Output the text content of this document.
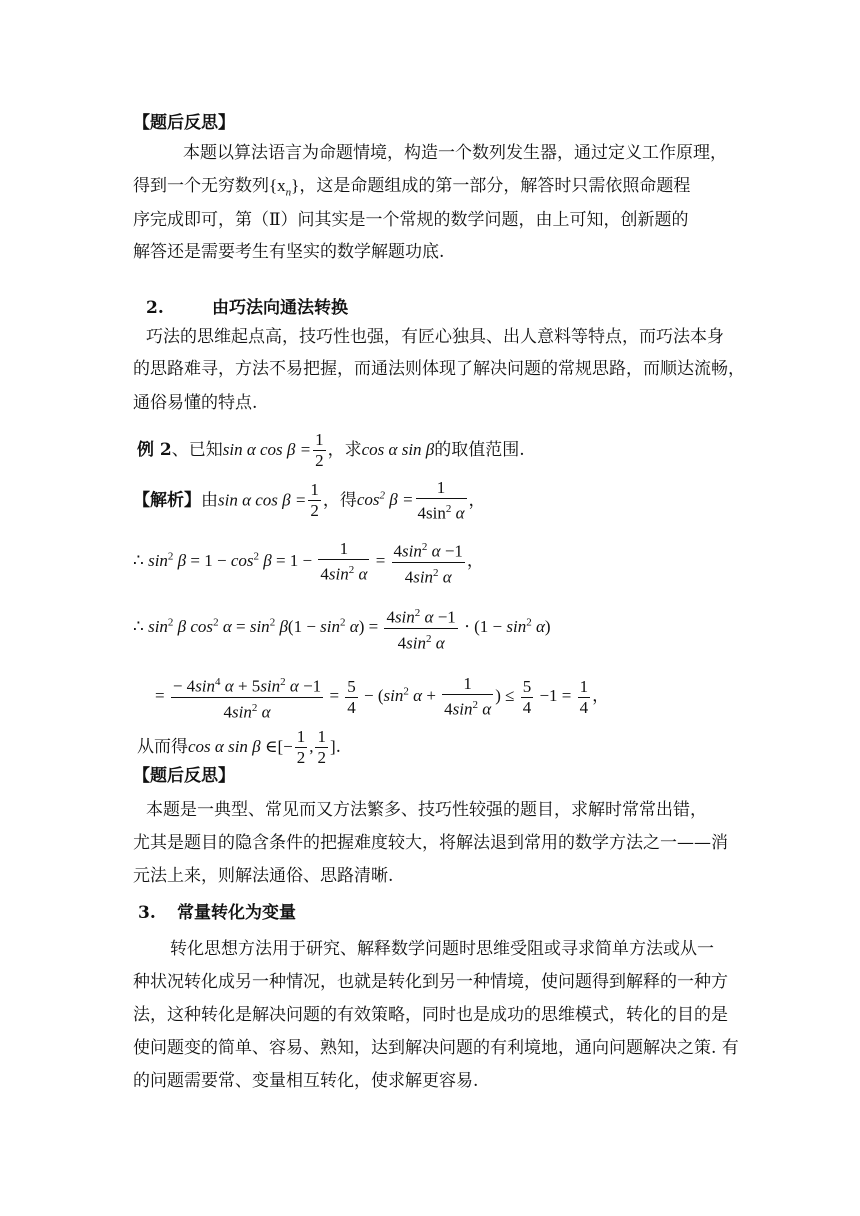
【题后反思】
本题以算法语言为命题情境，构造一个数列发生器，通过定义工作原理，
得到一个无穷数列$\{x_n\}$，这是命题组成的第一部分，解答时只需依照命题程
序完成即可，第（Ⅱ）问其实是一个常规的数学问题，由上可知，创新题的
解答还是需要考生有坚实的数学解题功底.
2.	由巧法向通法转换
巧法的思维起点高，技巧性也强，有匠心独具、出人意料等特点，而巧法本身
的思路难寻，方法不易把握，而通法则体现了解决问题的常规思路，而顺达流畅，
通俗易懂的特点.
例 2、已知sin α $\cos \beta = \frac{1}{2}$ ，求cos α sin β的取值范围.
【解析】由sin α $\cos \beta = \frac{1}{2}$ ，得$\cos^2 \beta = \frac{1}{4\sin^2 \alpha}$ ，
∴ $\sin^2 \beta = 1 - \cos^2 \beta = 1 - \frac{1}{4\sin^2 \alpha} = \frac{4\sin^2 \alpha -1}{4\sin^2 \alpha}$ ，
∴ $\sin^2 \beta$ $\cos^2 \alpha = \sin^2 \beta(1 - \sin^2 \alpha) = \frac{4\sin^2 \alpha -1}{4\sin^2 \alpha} \cdot (1 - \sin^2 \alpha)$
= $\frac{- 4\sin^4 \alpha + 5\sin^2 \alpha -1}{4\sin^2 \alpha} = \frac{5}{4} - (\sin^2$ $\alpha + \frac{1}{4\sin^2 \alpha}$ ) ≤ $\frac{5}{4} -1 = \frac{1}{4}$ ，
从而得cos α sin β ∈[− $\frac{1}{2}$ , $\frac{1}{2}$ ].
【题后反思】
本题是一典型、常见而又方法繁多、技巧性较强的题目，求解时常常出错，
尤其是题目的隐含条件的把握难度较大，将解法退到常用的数学方法之一——消
元法上来，则解法通俗、思路清晰.
3. 常量转化为变量
转化思想方法用于研究、解释数学问题时思维受阻或寻求简单方法或从一
种状况转化成另一种情况，也就是转化到另一种情境，使问题得到解释的一种方
法，这种转化是解决问题的有效策略，同时也是成功的思维模式，转化的目的是
使问题变的简单、容易、熟知，达到解决问题的有利境地，通向问题解决之策. 有
的问题需要常、变量相互转化，使求解更容易.
